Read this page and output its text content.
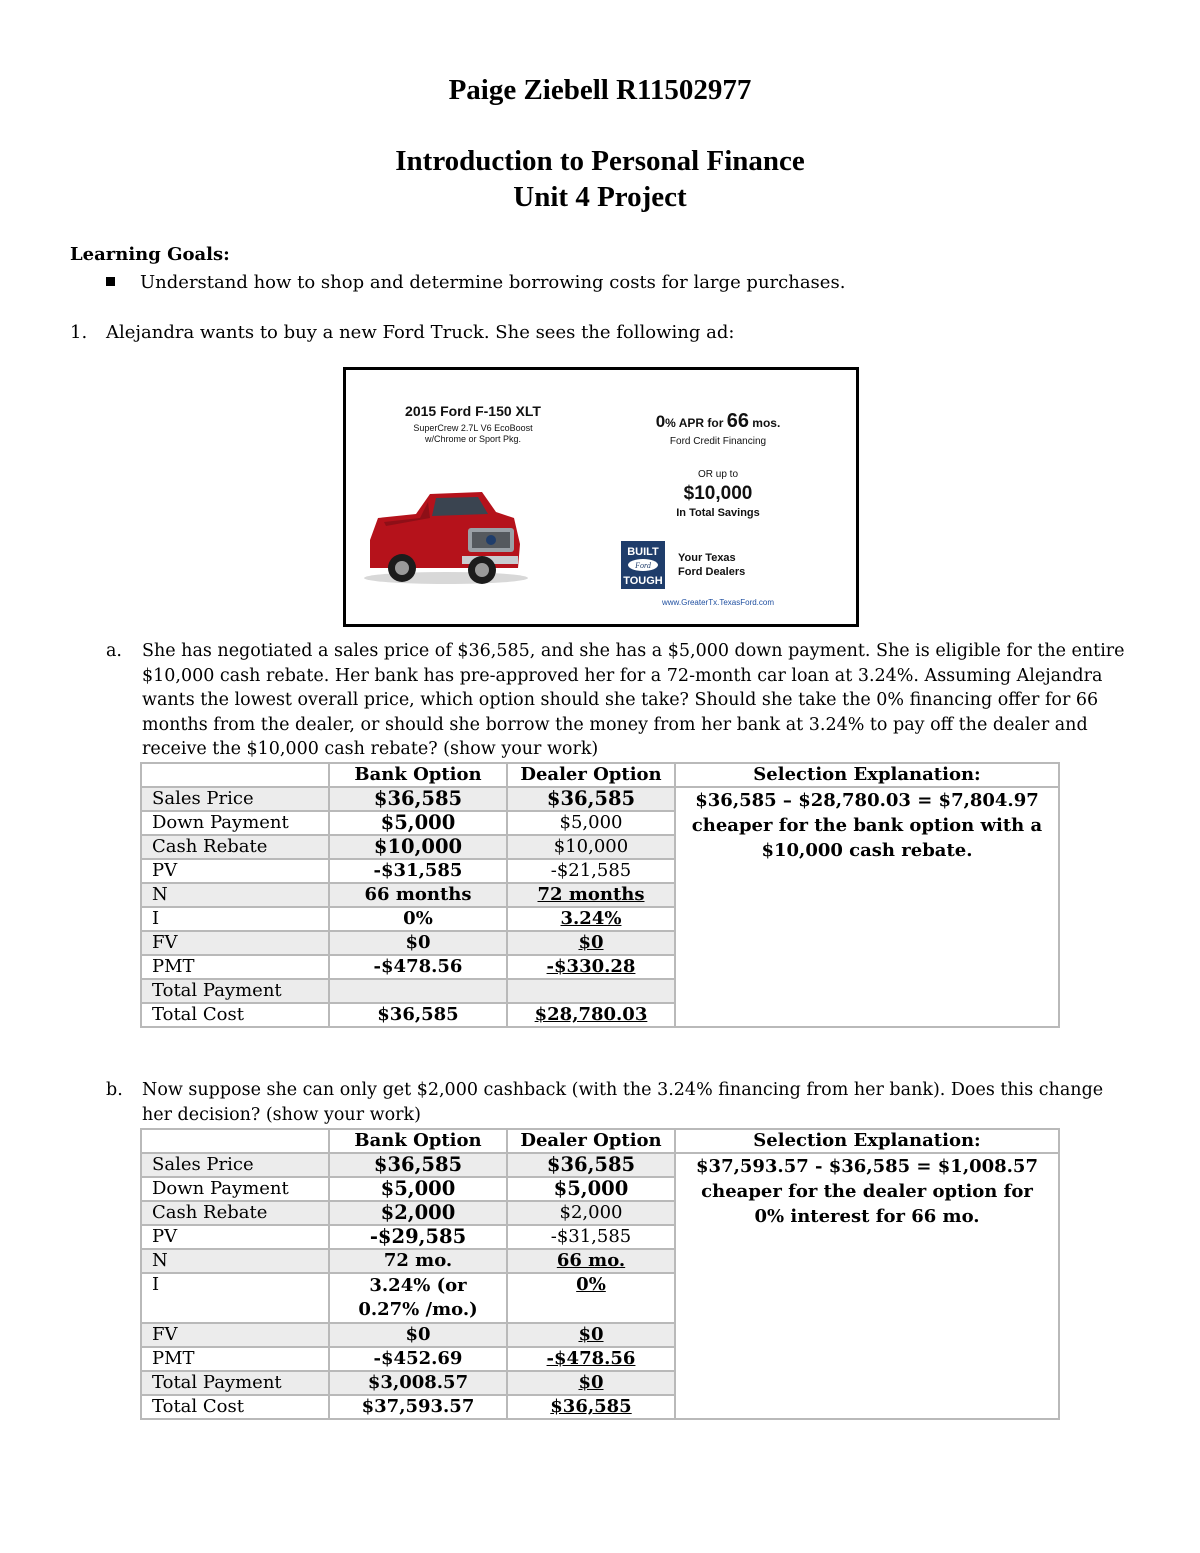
Paige Ziebell R11502977
Introduction to Personal Finance
Unit 4 Project
Learning Goals:
Understand how to shop and determine borrowing costs for large purchases.
1. Alejandra wants to buy a new Ford Truck. She sees the following ad:
2015 Ford F-150 XLT
SuperCrew 2.7L V6 EcoBoost
w/Chrome or Sport Pkg.
0% APR for 66 mos.
Ford Credit Financing
OR up to
$10,000
In Total Savings
BUILT
Ford
TOUGH
Your Texas
Ford Dealers
www.GreaterTx.TexasFord.com
a. She has negotiated a sales price of $36,585, and she has a $5,000 down payment. She is eligible for the entire $10,000 cash rebate. Her bank has pre-approved her for a 72-month car loan at 3.24%. Assuming Alejandra wants the lowest overall price, which option should she take? Should she take the 0% financing offer for 66 months from the dealer, or should she borrow the money from her bank at 3.24% to pay off the dealer and receive the $10,000 cash rebate? (show your work)
	Bank Option	Dealer Option	Selection Explanation:
Sales Price	$36,585	$36,585	$36,585 – $28,780.03 = $7,804.97 cheaper for the bank option with a $10,000 cash rebate.
Down Payment	$5,000	$5,000	
Cash Rebate	$10,000	$10,000	
PV	-$31,585	-$21,585	
N	66 months	72 months	
I	0%	3.24%	
FV	$0	$0	
PMT	-$478.56	-$330.28	
Total Payment			
Total Cost	$36,585	$28,780.03	
b. Now suppose she can only get $2,000 cashback (with the 3.24% financing from her bank). Does this change her decision? (show your work)
	Bank Option	Dealer Option	Selection Explanation:
Sales Price	$36,585	$36,585	$37,593.57 - $36,585 = $1,008.57 cheaper for the dealer option for 0% interest for 66 mo.
Down Payment	$5,000	$5,000	
Cash Rebate	$2,000	$2,000	
PV	-$29,585	-$31,585	
N	72 mo.	66 mo.	
I	3.24% (or 0.27% /mo.)	0%	
FV	$0	$0	
PMT	-$452.69	-$478.56	
Total Payment	$3,008.57	$0	
Total Cost	$37,593.57	$36,585	
